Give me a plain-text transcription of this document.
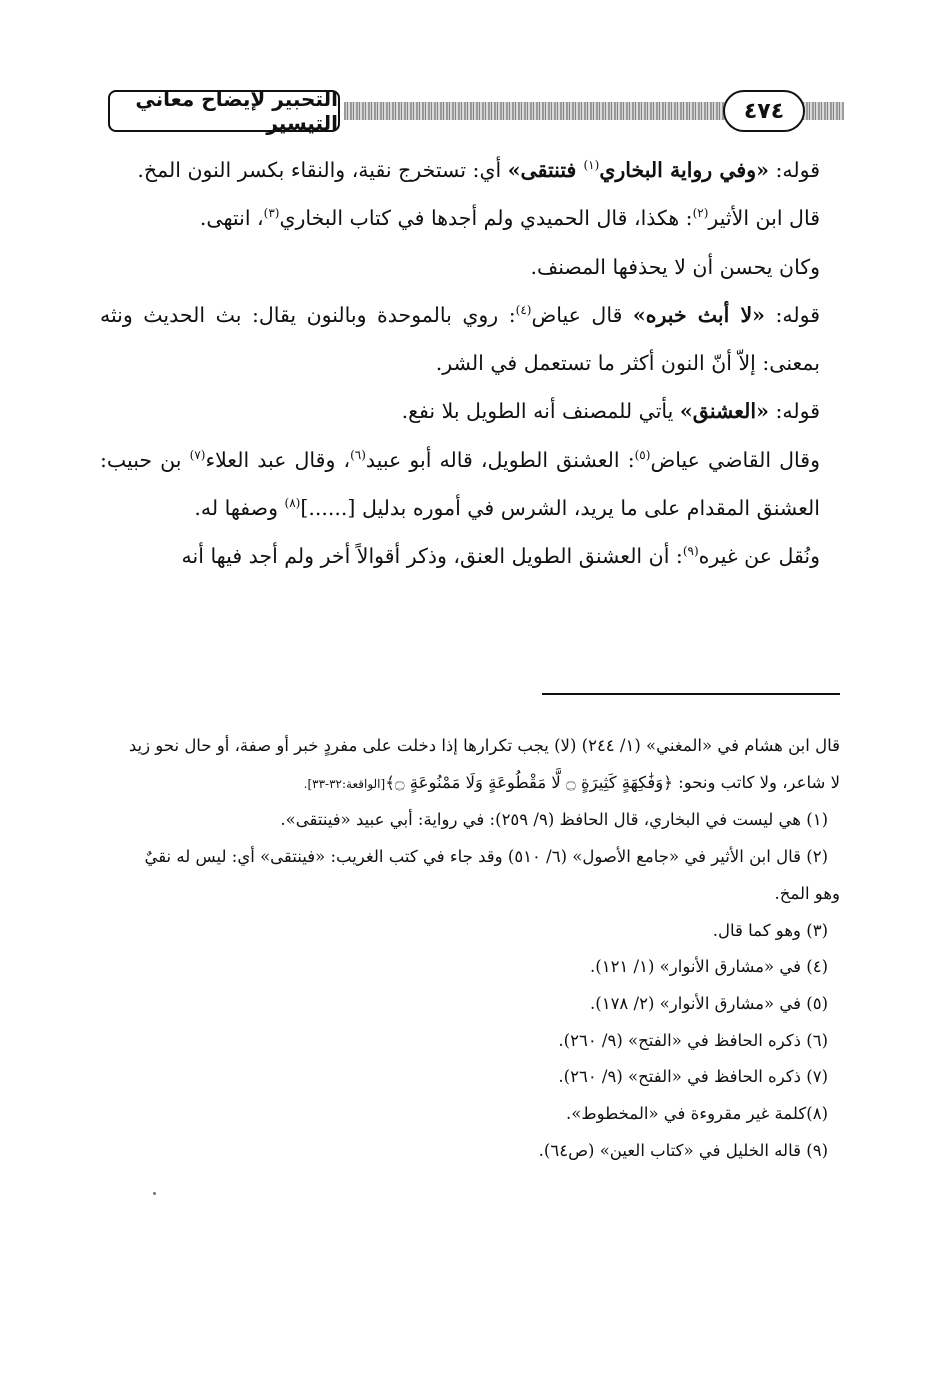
التحبير لإيضاح معاني التيسير	٤٧٤

قوله: «وفي رواية البخاري$^{(١)}$ فتنتقى» أي: تستخرج نقية، والنقاء بكسر النون المخ.

قال ابن الأثير$^{(٢)}$: هكذا، قال الحميدي ولم أجدها في كتاب البخاري$^{(٣)}$، انتهى.

وكان يحسن أن لا يحذفها المصنف.

قوله: «لا أبث خبره» قال عياض$^{(٤)}$: روي بالموحدة وبالنون يقال: بث الحديث ونثه بمعنى: إلاّ أنّ النون أكثر ما تستعمل في الشر.

قوله: «العشنق» يأتي للمصنف أنه الطويل بلا نفع.

وقال القاضي عياض$^{(٥)}$: العشنق الطويل، قاله أبو عبيد$^{(٦)}$، وقال عبد العلاء$^{(٧)}$ بن حبيب: العشنق المقدام على ما يريد، الشرس في أموره بدليل [......]$^{(٨)}$ وصفها له.

ونُقل عن غيره$^{(٩)}$: أن العشنق الطويل العنق، وذكر أقوالاً أخر ولم أجد فيها أنه

قال ابن هشام في «المغني» (١/ ٢٤٤) (لا) يجب تكرارها إذا دخلت على مفردٍ خبر أو صفة، أو حال نحو زيد

لا شاعر، ولا كاتب ونحو: ﴿وَفَٰكِهَةٍ كَثِيرَةٍ ۝ لَّا مَقْطُوعَةٍ وَلَا مَمْنُوعَةٍ ۝﴾[الواقعة:٣٢-٣٣].

(١) هي ليست في البخاري، قال الحافظ (٩/ ٢٥٩): في رواية: أبي عبيد «فينتقى».

(٢) قال ابن الأثير في «جامع الأصول» (٦/ ٥١٠) وقد جاء في كتب الغريب: «فينتقى» أي: ليس له نقيٌ

وهو المخ.

(٣) وهو كما قال.

(٤) في «مشارق الأنوار» (١/ ١٢١).

(٥) في «مشارق الأنوار» (٢/ ١٧٨).

(٦) ذكره الحافظ في «الفتح» (٩/ ٢٦٠).

(٧) ذكره الحافظ في «الفتح» (٩/ ٢٦٠).

(٨)كلمة غير مقروءة في «المخطوط».

(٩) قاله الخليل في «كتاب العين» (ص٦٤).
